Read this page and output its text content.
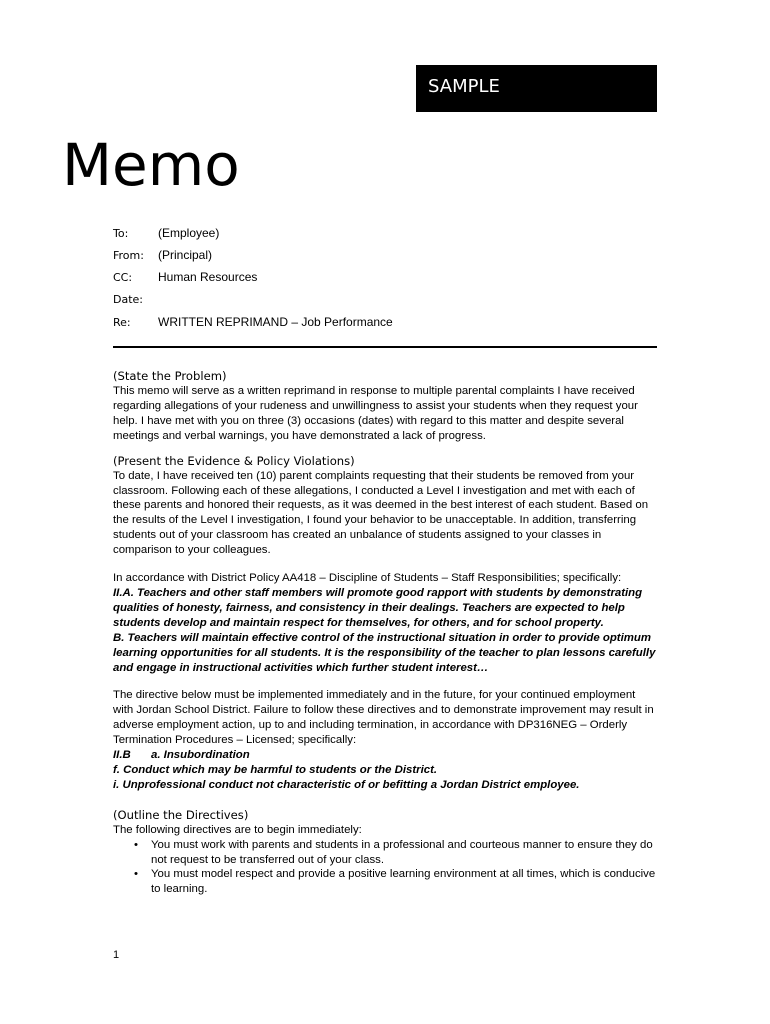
SAMPLE
Memo
To: (Employee)
From: (Principal)
CC: Human Resources
Date:
Re: WRITTEN REPRIMAND – Job Performance

(State the Problem)

This memo will serve as a written reprimand in response to multiple parental complaints I have received regarding allegations of your rudeness and unwillingness to assist your students when they request your help. I have met with you on three (3) occasions (dates) with regard to this matter and despite several meetings and verbal warnings, you have demonstrated a lack of progress.

(Present the Evidence & Policy Violations)

To date, I have received ten (10) parent complaints requesting that their students be removed from your classroom. Following each of these allegations, I conducted a Level I investigation and met with each of these parents and honored their requests, as it was deemed in the best interest of each student. Based on the results of the Level I investigation, I found your behavior to be unacceptable. In addition, transferring students out of your classroom has created an unbalance of students assigned to your classes in comparison to your colleagues.

In accordance with District Policy AA418 – Discipline of Students – Staff Responsibilities; specifically:

II.A. Teachers and other staff members will promote good rapport with students by demonstrating qualities of honesty, fairness, and consistency in their dealings. Teachers are expected to help students develop and maintain respect for themselves, for others, and for school property.

B. Teachers will maintain effective control of the instructional situation in order to provide optimum learning opportunities for all students. It is the responsibility of the teacher to plan lessons carefully and engage in instructional activities which further student interest…

The directive below must be implemented immediately and in the future, for your continued employment with Jordan School District. Failure to follow these directives and to demonstrate improvement may result in adverse employment action, up to and including termination, in accordance with DP316NEG – Orderly Termination Procedures – Licensed; specifically:

II.B a. Insubordination

f. Conduct which may be harmful to students or the District.

i. Unprofessional conduct not characteristic of or befitting a Jordan District employee.

(Outline the Directives)

The following directives are to begin immediately:

• You must work with parents and students in a professional and courteous manner to ensure they do not request to be transferred out of your class.
• You must model respect and provide a positive learning environment at all times, which is conducive to learning.
1
